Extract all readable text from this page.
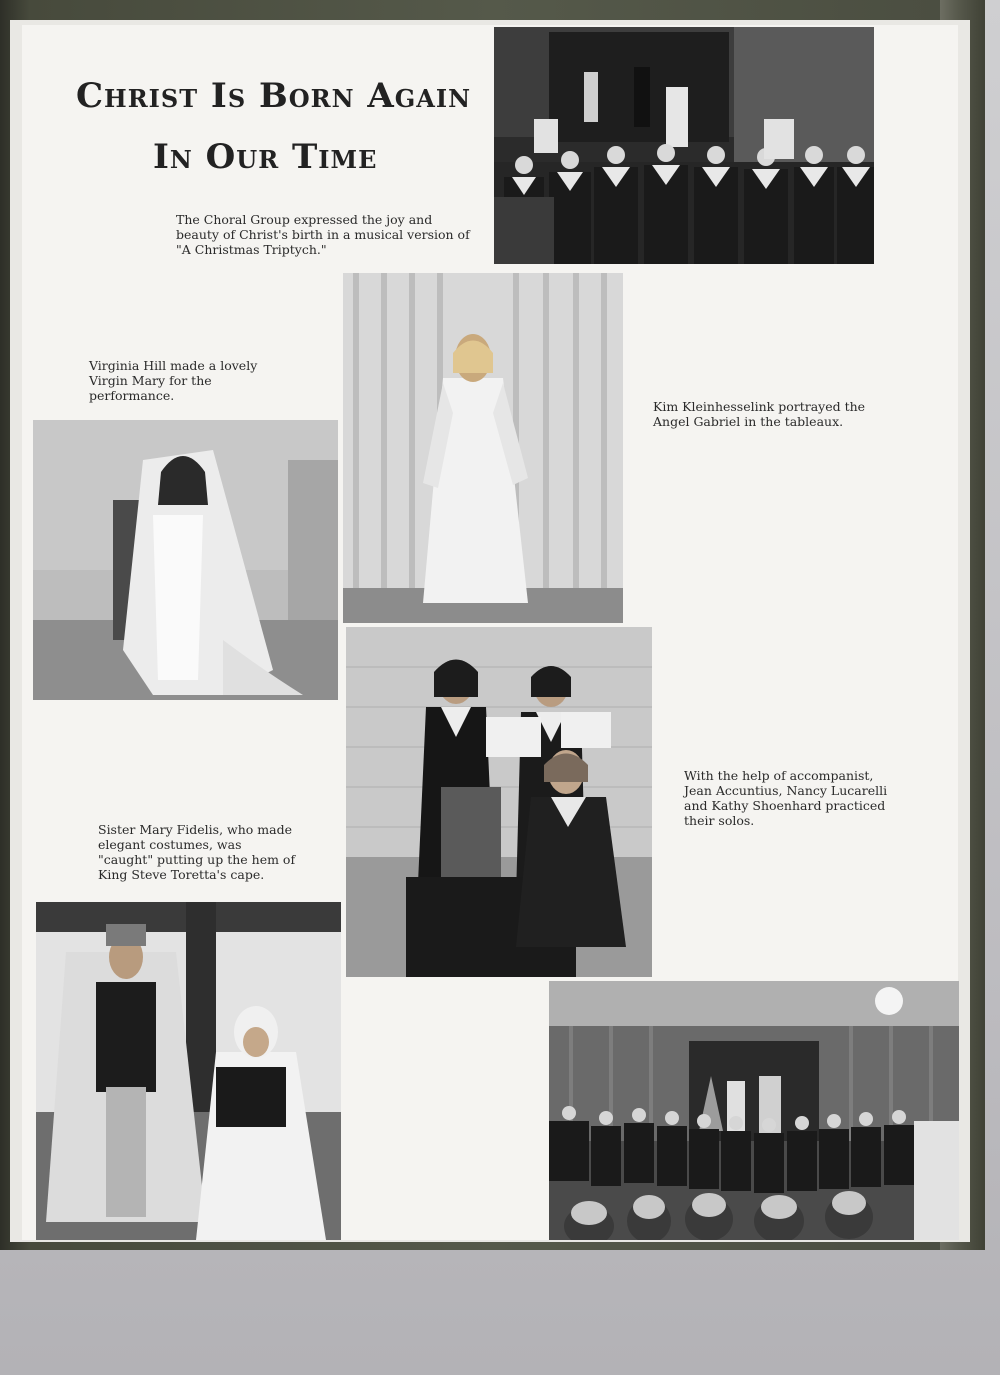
Christ Is Born Again
In Our Time

The Choral Group expressed the joy and beauty of Christ's birth in a musical version of "A Christmas Triptych."

Virginia Hill made a lovely Virgin Mary for the performance.

Kim Kleinhesselink portrayed the Angel Gabriel in the tableaux.

With the help of accompanist, Jean Accuntius, Nancy Lucarelli and Kathy Shoenhard practiced their solos.

Sister Mary Fidelis, who made elegant costumes, was "caught" putting up the hem of King Steve Toretta's cape.
